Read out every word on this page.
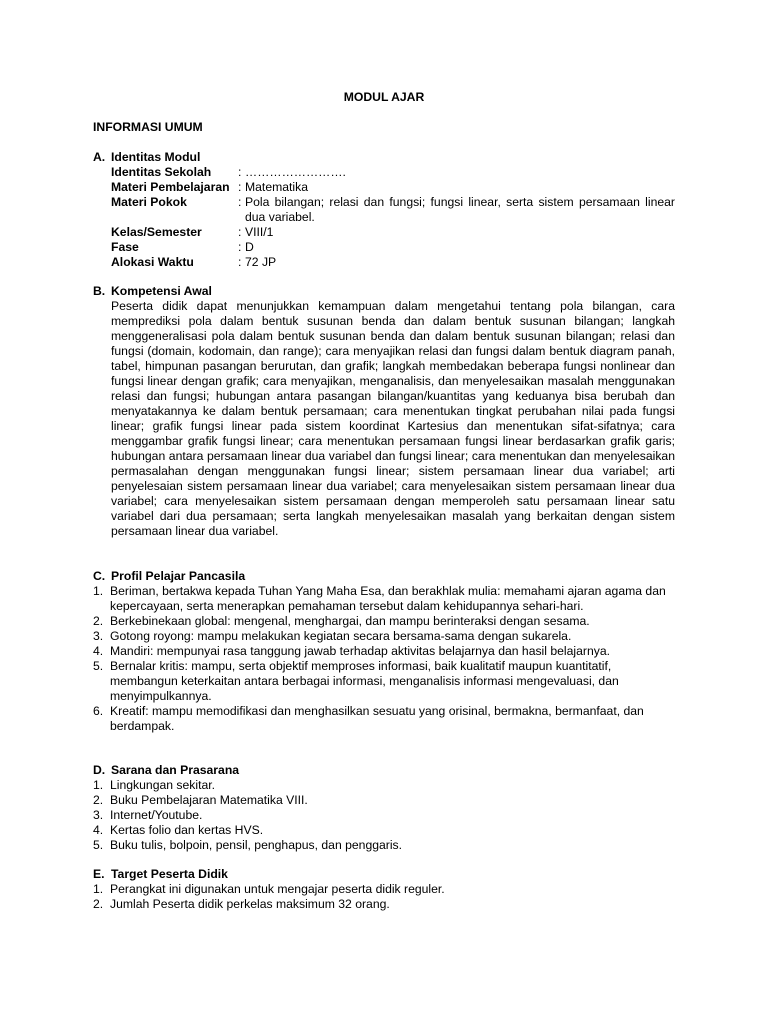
MODUL AJAR
INFORMASI UMUM
A. Identitas Modul
Identitas Sekolah	: …………………….
Materi Pembelajaran : Matematika
Materi Pokok	: Pola bilangan; relasi dan fungsi; fungsi linear, serta sistem persamaan linear dua variabel.
Kelas/Semester	: VIII/1
Fase	: D
Alokasi Waktu	: 72 JP
B. Kompetensi Awal
Peserta didik dapat menunjukkan kemampuan dalam mengetahui tentang pola bilangan, cara memprediksi pola dalam bentuk susunan benda dan dalam bentuk susunan bilangan; langkah menggeneralisasi pola dalam bentuk susunan benda dan dalam bentuk susunan bilangan; relasi dan fungsi (domain, kodomain, dan range); cara menyajikan relasi dan fungsi dalam bentuk diagram panah, tabel, himpunan pasangan berurutan, dan grafik; langkah membedakan beberapa fungsi nonlinear dan fungsi linear dengan grafik; cara menyajikan, menganalisis, dan menyelesaikan masalah menggunakan relasi dan fungsi; hubungan antara pasangan bilangan/kuantitas yang keduanya bisa berubah dan menyatakannya ke dalam bentuk persamaan; cara menentukan tingkat perubahan nilai pada fungsi linear; grafik fungsi linear pada sistem koordinat Kartesius dan menentukan sifat-sifatnya; cara menggambar grafik fungsi linear; cara menentukan persamaan fungsi linear berdasarkan grafik garis; hubungan antara persamaan linear dua variabel dan fungsi linear; cara menentukan dan menyelesaikan permasalahan dengan menggunakan fungsi linear; sistem persamaan linear dua variabel; arti penyelesaian sistem persamaan linear dua variabel; cara menyelesaikan sistem persamaan linear dua variabel; cara menyelesaikan sistem persamaan dengan memperoleh satu persamaan linear satu variabel dari dua persamaan; serta langkah menyelesaikan masalah yang berkaitan dengan sistem persamaan linear dua variabel.
C. Profil Pelajar Pancasila
1. Beriman, bertakwa kepada Tuhan Yang Maha Esa, dan berakhlak mulia: memahami ajaran agama dan kepercayaan, serta menerapkan pemahaman tersebut dalam kehidupannya sehari-hari.
2. Berkebinekaan global: mengenal, menghargai, dan mampu berinteraksi dengan sesama.
3. Gotong royong: mampu melakukan kegiatan secara bersama-sama dengan sukarela.
4. Mandiri: mempunyai rasa tanggung jawab terhadap aktivitas belajarnya dan hasil belajarnya.
5. Bernalar kritis: mampu, serta objektif memproses informasi, baik kualitatif maupun kuantitatif, membangun keterkaitan antara berbagai informasi, menganalisis informasi mengevaluasi, dan menyimpulkannya.
6. Kreatif: mampu memodifikasi dan menghasilkan sesuatu yang orisinal, bermakna, bermanfaat, dan berdampak.
D. Sarana dan Prasarana
1. Lingkungan sekitar.
2. Buku Pembelajaran Matematika VIII.
3. Internet/Youtube.
4. Kertas folio dan kertas HVS.
5. Buku tulis, bolpoin, pensil, penghapus, dan penggaris.
E. Target Peserta Didik
1. Perangkat ini digunakan untuk mengajar peserta didik reguler.
2. Jumlah Peserta didik perkelas maksimum 32 orang.
